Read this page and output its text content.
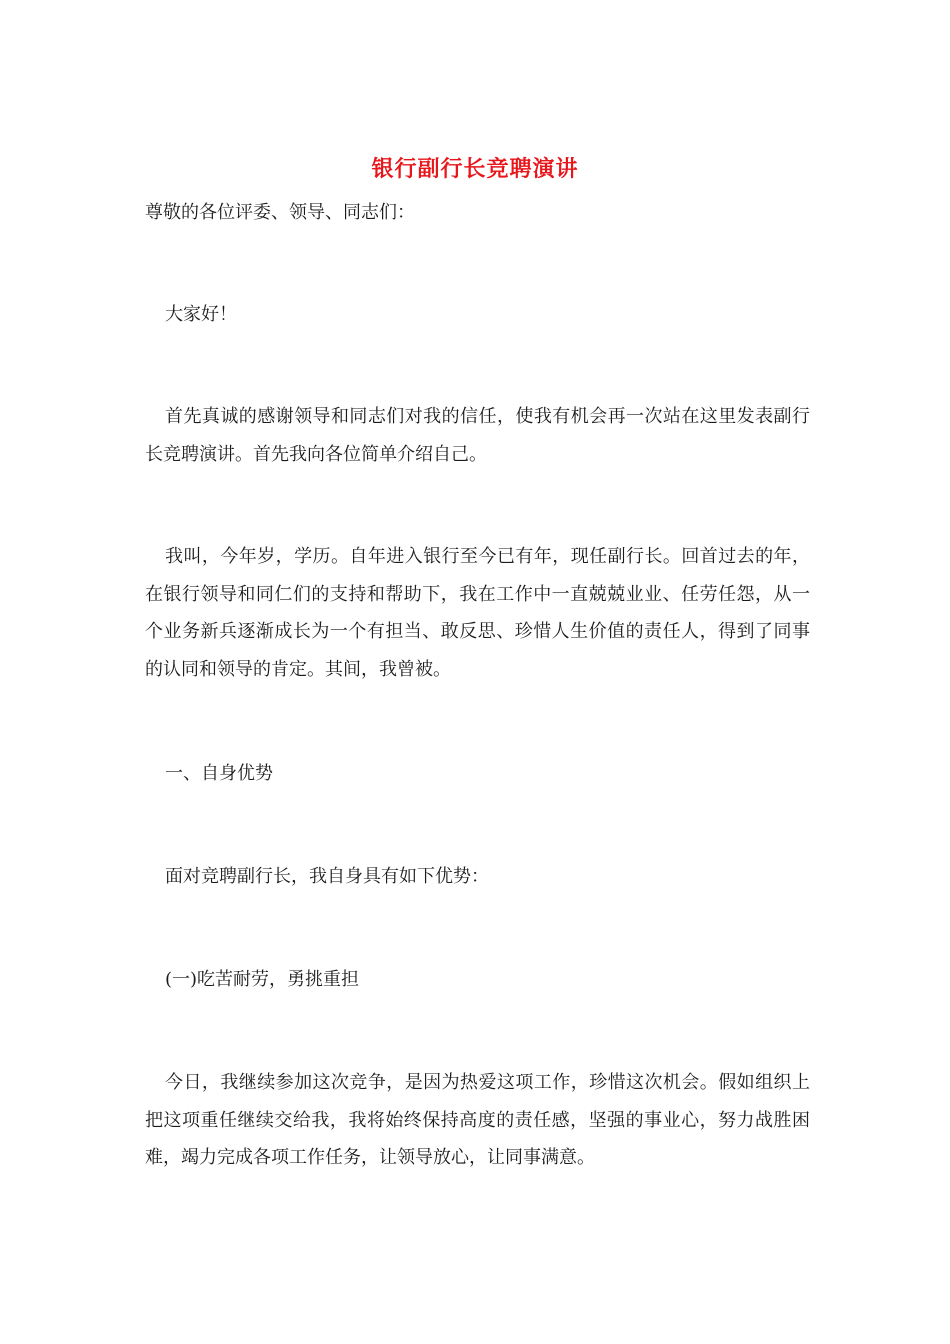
银行副行长竞聘演讲

尊敬的各位评委、领导、同志们：

大家好！

首先真诚的感谢领导和同志们对我的信任，使我有机会再一次站在这里发表副行长竞聘演讲。首先我向各位简单介绍自己。

我叫，今年岁，学历。自年进入银行至今已有年，现任副行长。回首过去的年，在银行领导和同仁们的支持和帮助下，我在工作中一直兢兢业业、任劳任怨，从一个业务新兵逐渐成长为一个有担当、敢反思、珍惜人生价值的责任人，得到了同事的认同和领导的肯定。其间，我曾被。

一、自身优势

面对竞聘副行长，我自身具有如下优势：

(一)吃苦耐劳，勇挑重担

今日，我继续参加这次竞争，是因为热爱这项工作，珍惜这次机会。假如组织上把这项重任继续交给我，我将始终保持高度的责任感，坚强的事业心，努力战胜困难，竭力完成各项工作任务，让领导放心，让同事满意。
